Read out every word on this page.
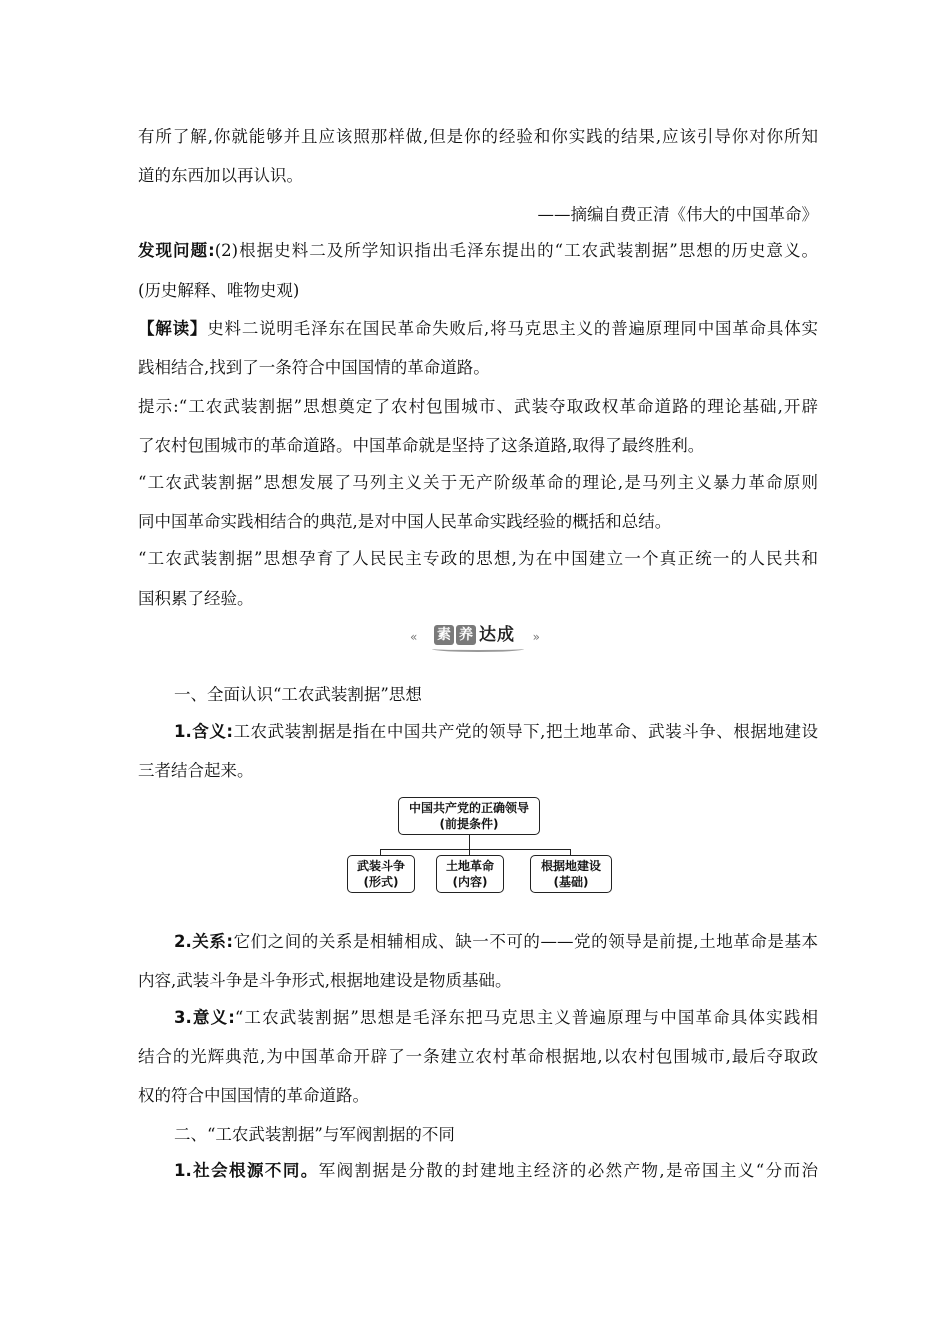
有所了解,你就能够并且应该照那样做,但是你的经验和你实践的结果,应该引导你对你所知
道的东西加以再认识。
——摘编自费正清《伟大的中国革命》
发现问题:(2)根据史料二及所学知识指出毛泽东提出的“工农武装割据”思想的历史意义。
(历史解释、唯物史观)
【解读】史料二说明毛泽东在国民革命失败后,将马克思主义的普遍原理同中国革命具体实
践相结合,找到了一条符合中国国情的革命道路。
提示:“工农武装割据”思想奠定了农村包围城市、武装夺取政权革命道路的理论基础,开辟
了农村包围城市的革命道路。中国革命就是坚持了这条道路,取得了最终胜利。
“工农武装割据”思想发展了马列主义关于无产阶级革命的理论,是马列主义暴力革命原则
同中国革命实践相结合的典范,是对中国人民革命实践经验的概括和总结。
“工农武装割据”思想孕育了人民民主专政的思想,为在中国建立一个真正统一的人民共和
国积累了经验。
« 素 养 达成 »
一、全面认识“工农武装割据”思想
1.含义:工农武装割据是指在中国共产党的领导下,把土地革命、武装斗争、根据地建设
三者结合起来。
中国共产党的正确领导
(前提条件)
武装斗争
(形式)
土地革命
(内容)
根据地建设
(基础)
2.关系:它们之间的关系是相辅相成、缺一不可的——党的领导是前提,土地革命是基本
内容,武装斗争是斗争形式,根据地建设是物质基础。
3.意义:“工农武装割据”思想是毛泽东把马克思主义普遍原理与中国革命具体实践相
结合的光辉典范,为中国革命开辟了一条建立农村革命根据地,以农村包围城市,最后夺取政
权的符合中国国情的革命道路。
二、“工农武装割据”与军阀割据的不同
1.社会根源不同。军阀割据是分散的封建地主经济的必然产物,是帝国主义“分而治
